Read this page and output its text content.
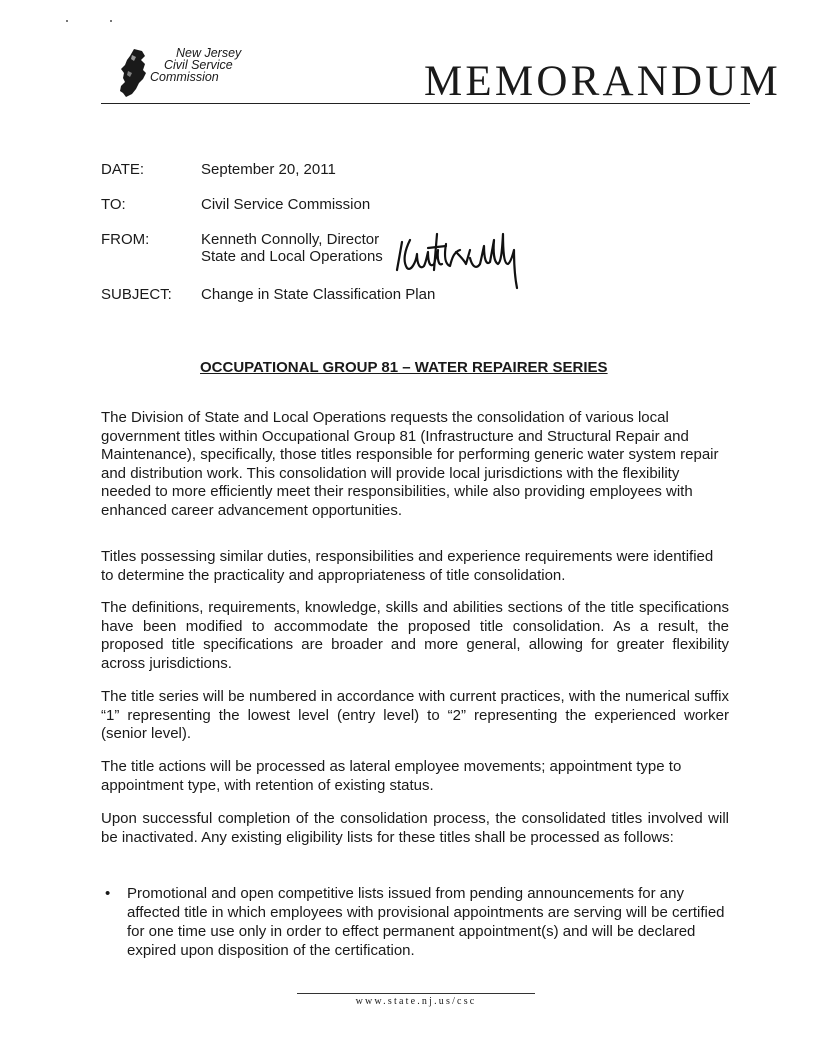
New Jersey
Civil Service
Commission	MEMORANDUM
DATE:	September 20, 2011
TO:	Civil Service Commission
FROM:	Kenneth Connolly, Director
State and Local Operations
SUBJECT: Change in State Classification Plan
OCCUPATIONAL GROUP 81 – WATER REPAIRER SERIES

The Division of State and Local Operations requests the consolidation of various local government titles within Occupational Group 81 (Infrastructure and Structural Repair and Maintenance), specifically, those titles responsible for performing generic water system repair and distribution work. This consolidation will provide local jurisdictions with the flexibility needed to more efficiently meet their responsibilities, while also providing employees with enhanced career advancement opportunities.

Titles possessing similar duties, responsibilities and experience requirements were identified to determine the practicality and appropriateness of title consolidation.

The definitions, requirements, knowledge, skills and abilities sections of the title specifications have been modified to accommodate the proposed title consolidation. As a result, the proposed title specifications are broader and more general, allowing for greater flexibility across jurisdictions.

The title series will be numbered in accordance with current practices, with the numerical suffix “1” representing the lowest level (entry level) to “2” representing the experienced worker (senior level).

The title actions will be processed as lateral employee movements; appointment type to appointment type, with retention of existing status.

Upon successful completion of the consolidation process, the consolidated titles involved will be inactivated. Any existing eligibility lists for these titles shall be processed as follows:

• Promotional and open competitive lists issued from pending announcements for any affected title in which employees with provisional appointments are serving will be certified for one time use only in order to effect permanent appointment(s) and will be declared expired upon disposition of the certification.

www.state.nj.us/csc
